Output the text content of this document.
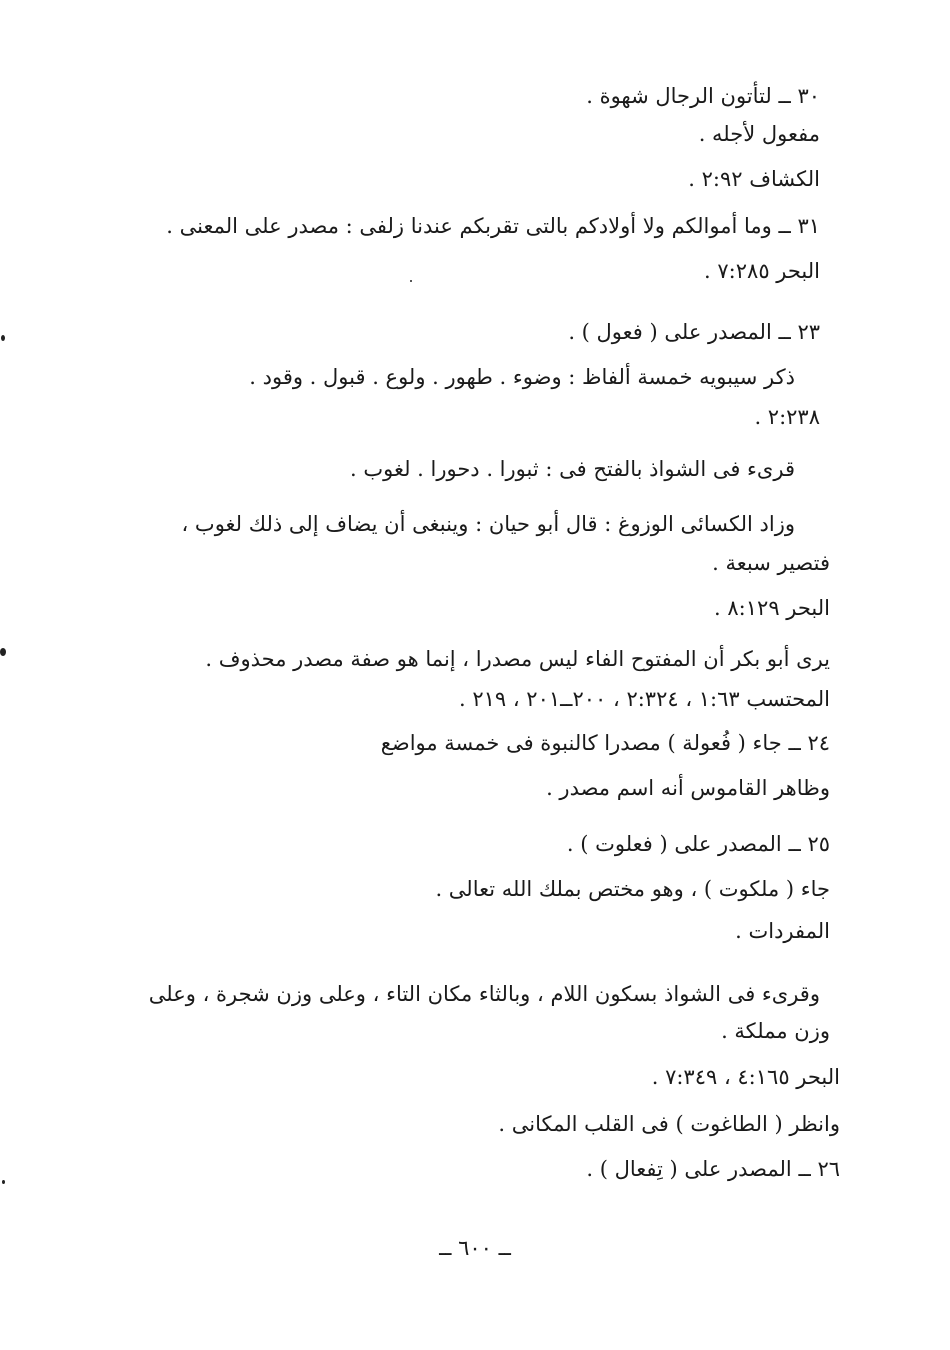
٣٠ ــ لتأتون الرجال شهوة .
مفعول لأجله .
الكشاف ٢:٩٢ .
٣١ ــ وما أموالكم ولا أولادكم بالتى تقربكم عندنا زلفى : مصدر على المعنى .
البحر ٧:٢٨٥ .
٢٣ ــ المصدر على ( فعول ) .
ذكر سيبويه خمسة ألفاظ : وضوء . طهور . ولوع . قبول . وقود .
٢:٢٣٨ .
قرىء فى الشواذ بالفتح فى : ثبورا . دحورا . لغوب .
وزاد الكسائى الوزوغ : قال أبو حيان : وينبغى أن يضاف إلى ذلك لغوب ،
فتصير سبعة .
البحر ٨:١٢٩ .
يرى أبو بكر أن المفتوح الفاء ليس مصدرا ، إنما هو صفة مصدر محذوف .
المحتسب ١:٦٣ ، ٢:٣٢٤ ، ٢٠٠ــ٢٠١ ، ٢١٩ .
٢٤ ــ جاء ( فُعولة ) مصدرا كالنبوة فى خمسة مواضع
وظاهر القاموس أنه اسم مصدر .
٢٥ ــ المصدر على ( فعلوت ) .
جاء ( ملكوت ) ، وهو مختص بملك الله تعالى .
المفردات .
وقرىء فى الشواذ بسكون اللام ، وبالثاء مكان التاء ، وعلى وزن شجرة ، وعلى
وزن مملكة .
البحر ٤:١٦٥ ، ٧:٣٤٩ .
وانظر ( الطاغوت ) فى القلب المكانى .
٢٦ ــ المصدر على ( تِفعال ) .
ــ ٦٠٠ ــ
